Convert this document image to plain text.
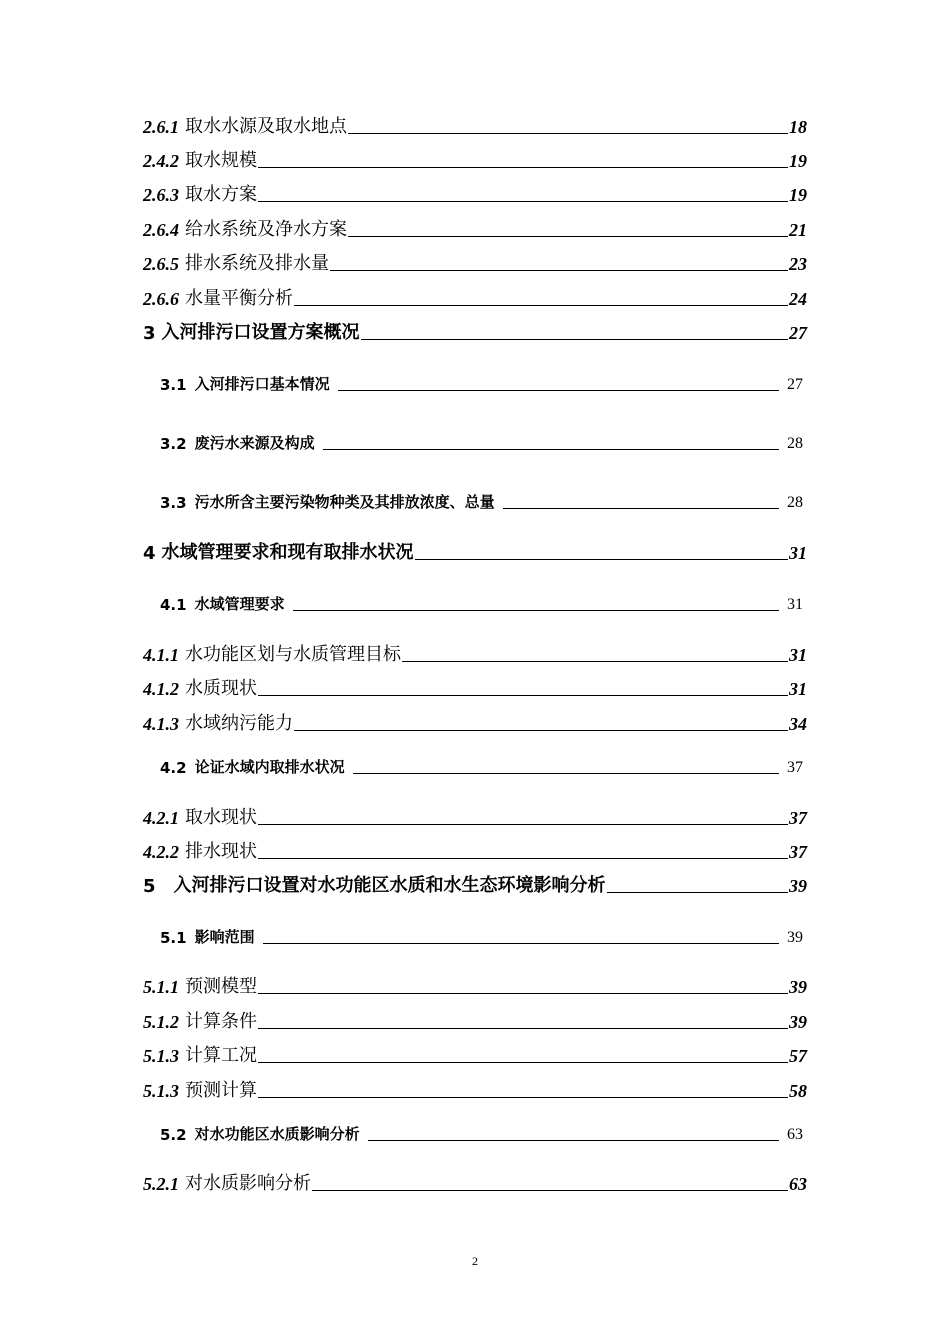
2.6.1 取水水源及取水地点	18
2.4.2 取水规模	19
2.6.3 取水方案	19
2.6.4 给水系统及净水方案	21
2.6.5 排水系统及排水量	23
2.6.6 水量平衡分析	24
3 入河排污口设置方案概况	27
3.1 入河排污口基本情况	27
3.2 废污水来源及构成	28
3.3 污水所含主要污染物种类及其排放浓度、总量	28
4 水域管理要求和现有取排水状况	31
4.1 水域管理要求	31
4.1.1 水功能区划与水质管理目标	31
4.1.2 水质现状	31
4.1.3 水域纳污能力	34
4.2 论证水域内取排水状况	37
4.2.1 取水现状	37
4.2.2 排水现状	37
5	入河排污口设置对水功能区水质和水生态环境影响分析	39
5.1 影响范围	39
5.1.1 预测模型	39
5.1.2 计算条件	39
5.1.3 计算工况	57
5.1.3 预测计算	58
5.2 对水功能区水质影响分析	63
5.2.1 对水质影响分析	63
2
